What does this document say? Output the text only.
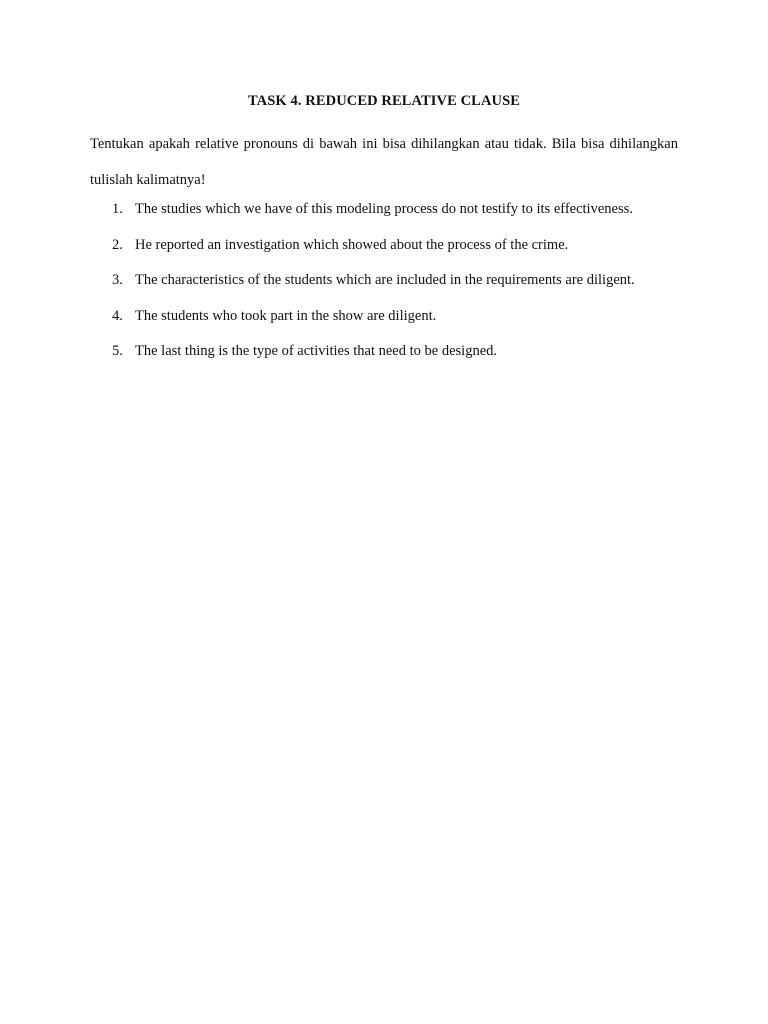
TASK 4. REDUCED RELATIVE CLAUSE

Tentukan apakah relative pronouns di bawah ini bisa dihilangkan atau tidak. Bila bisa dihilangkan tulislah kalimatnya!

1. The studies which we have of this modeling process do not testify to its effectiveness.
2. He reported an investigation which showed about the process of the crime.
3. The characteristics of the students which are included in the requirements are diligent.
4. The students who took part in the show are diligent.
5. The last thing is the type of activities that need to be designed.
